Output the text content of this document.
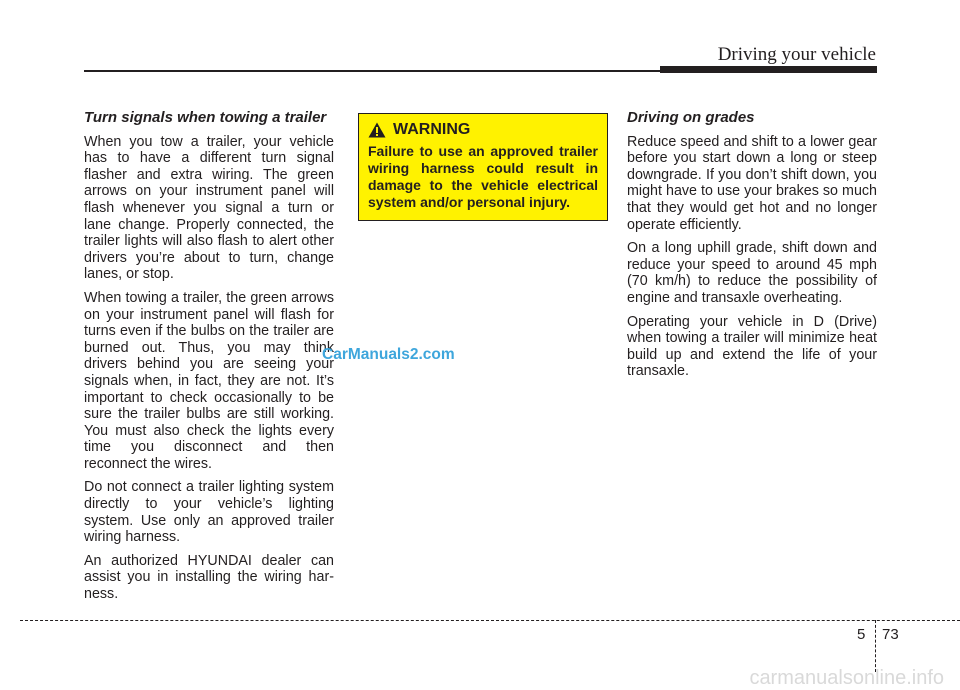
Driving your vehicle
Turn signals when towing a trailer

When you tow a trailer, your vehicle has to have a different turn signal flasher and extra wiring. The green arrows on your instrument panel will flash whenever you signal a turn or lane change. Properly connected, the trailer lights will also flash to alert other drivers you’re about to turn, change lanes, or stop.

When towing a trailer, the green arrows on your instrument panel will flash for turns even if the bulbs on the trailer are burned out. Thus, you may think drivers behind you are seeing your signals when, in fact, they are not. It’s important to check occasionally to be sure the trailer bulbs are still working. You must also check the lights every time you disconnect and then reconnect the wires.

Do not connect a trailer lighting system directly to your vehicle’s lighting system. Use only an approved trailer wiring harness.

An authorized HYUNDAI dealer can assist you in installing the wiring harness.

WARNING
Failure to use an approved trailer wiring harness could result in damage to the vehicle electrical system and/or personal injury.
Driving on grades

Reduce speed and shift to a lower gear before you start down a long or steep downgrade. If you don’t shift down, you might have to use your brakes so much that they would get hot and no longer operate efficiently.

On a long uphill grade, shift down and reduce your speed to around 45 mph (70 km/h) to reduce the possibility of engine and transaxle overheating.

Operating your vehicle in D (Drive) when towing a trailer will minimize heat build up and extend the life of your transaxle.

CarManuals2.com
5 73
carmanualsonline.info
